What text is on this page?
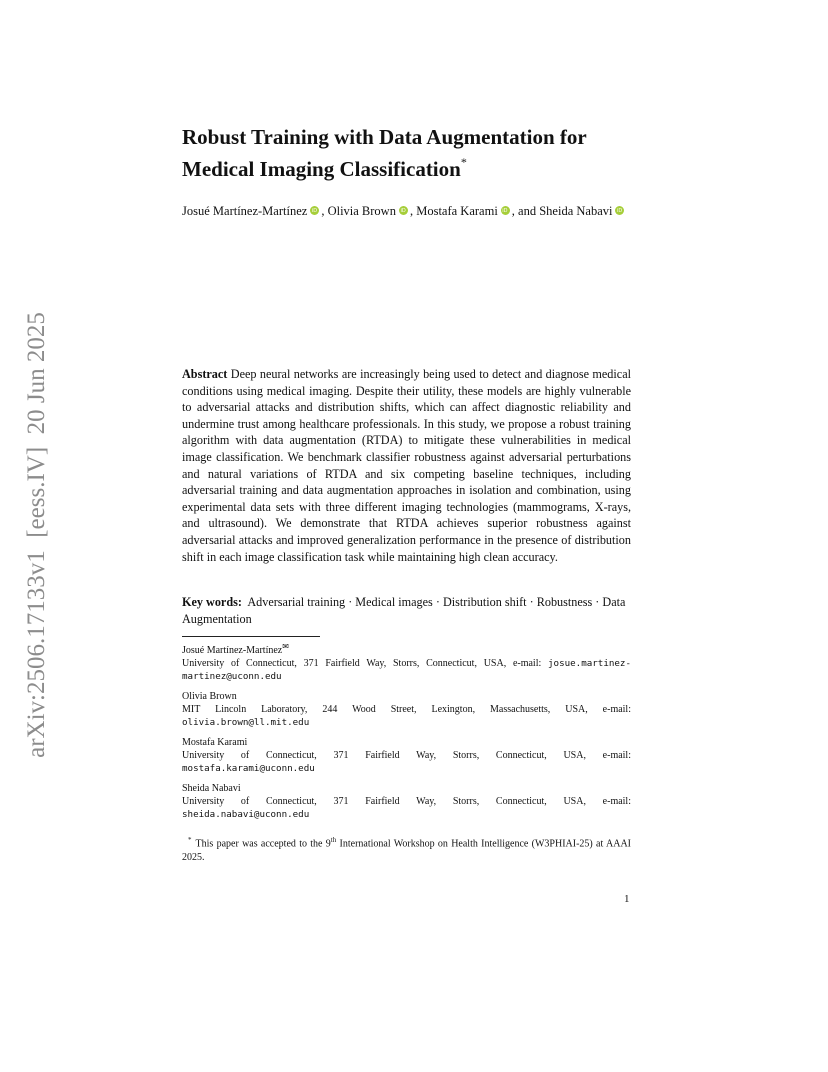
arXiv:2506.17133v1  [eess.IV]  20 Jun 2025
Robust Training with Data Augmentation for
Medical Imaging Classification*
Josué Martínez-Martínez iD , Olivia Brown iD , Mostafa Karami iD , and Sheida NabaviiD

Abstract Deep neural networks are increasingly being used to detect and diagnose medical conditions using medical imaging. Despite their utility, these models are highly vulnerable to adversarial attacks and distribution shifts, which can affect diagnostic reliability and undermine trust among healthcare professionals. In this study, we propose a robust training algorithm with data augmentation (RTDA) to mitigate these vulnerabilities in medical image classification. We benchmark classifier robustness against adversarial perturbations and natural variations of RTDA and six competing baseline techniques, including adversarial training and data augmentation approaches in isolation and combination, using experimental data sets with three different imaging technologies (mammograms, X-rays, and ultrasound). We demonstrate that RTDA achieves superior robustness against adversarial attacks and improved generalization performance in the presence of distribution shift in each image classification task while maintaining high clean accuracy.

Key words: Adversarial training · Medical images · Distribution shift · Robustness · Data Augmentation

Josué Martínez-Martínez✉
University of Connecticut, 371 Fairfield Way, Storrs, Connecticut, USA, e-mail: josue.martinez-martinez@uconn.edu
Olivia Brown
MIT Lincoln Laboratory, 244 Wood Street, Lexington, Massachusetts, USA, e-mail: olivia.brown@ll.mit.edu
Mostafa Karami
University of Connecticut, 371 Fairfield Way, Storrs, Connecticut, USA, e-mail: mostafa.karami@uconn.edu
Sheida Nabavi
University of Connecticut, 371 Fairfield Way, Storrs, Connecticut, USA, e-mail: sheida.nabavi@uconn.edu
* This paper was accepted to the 9th International Workshop on Health Intelligence (W3PHIAI-25) at AAAI 2025.
1
